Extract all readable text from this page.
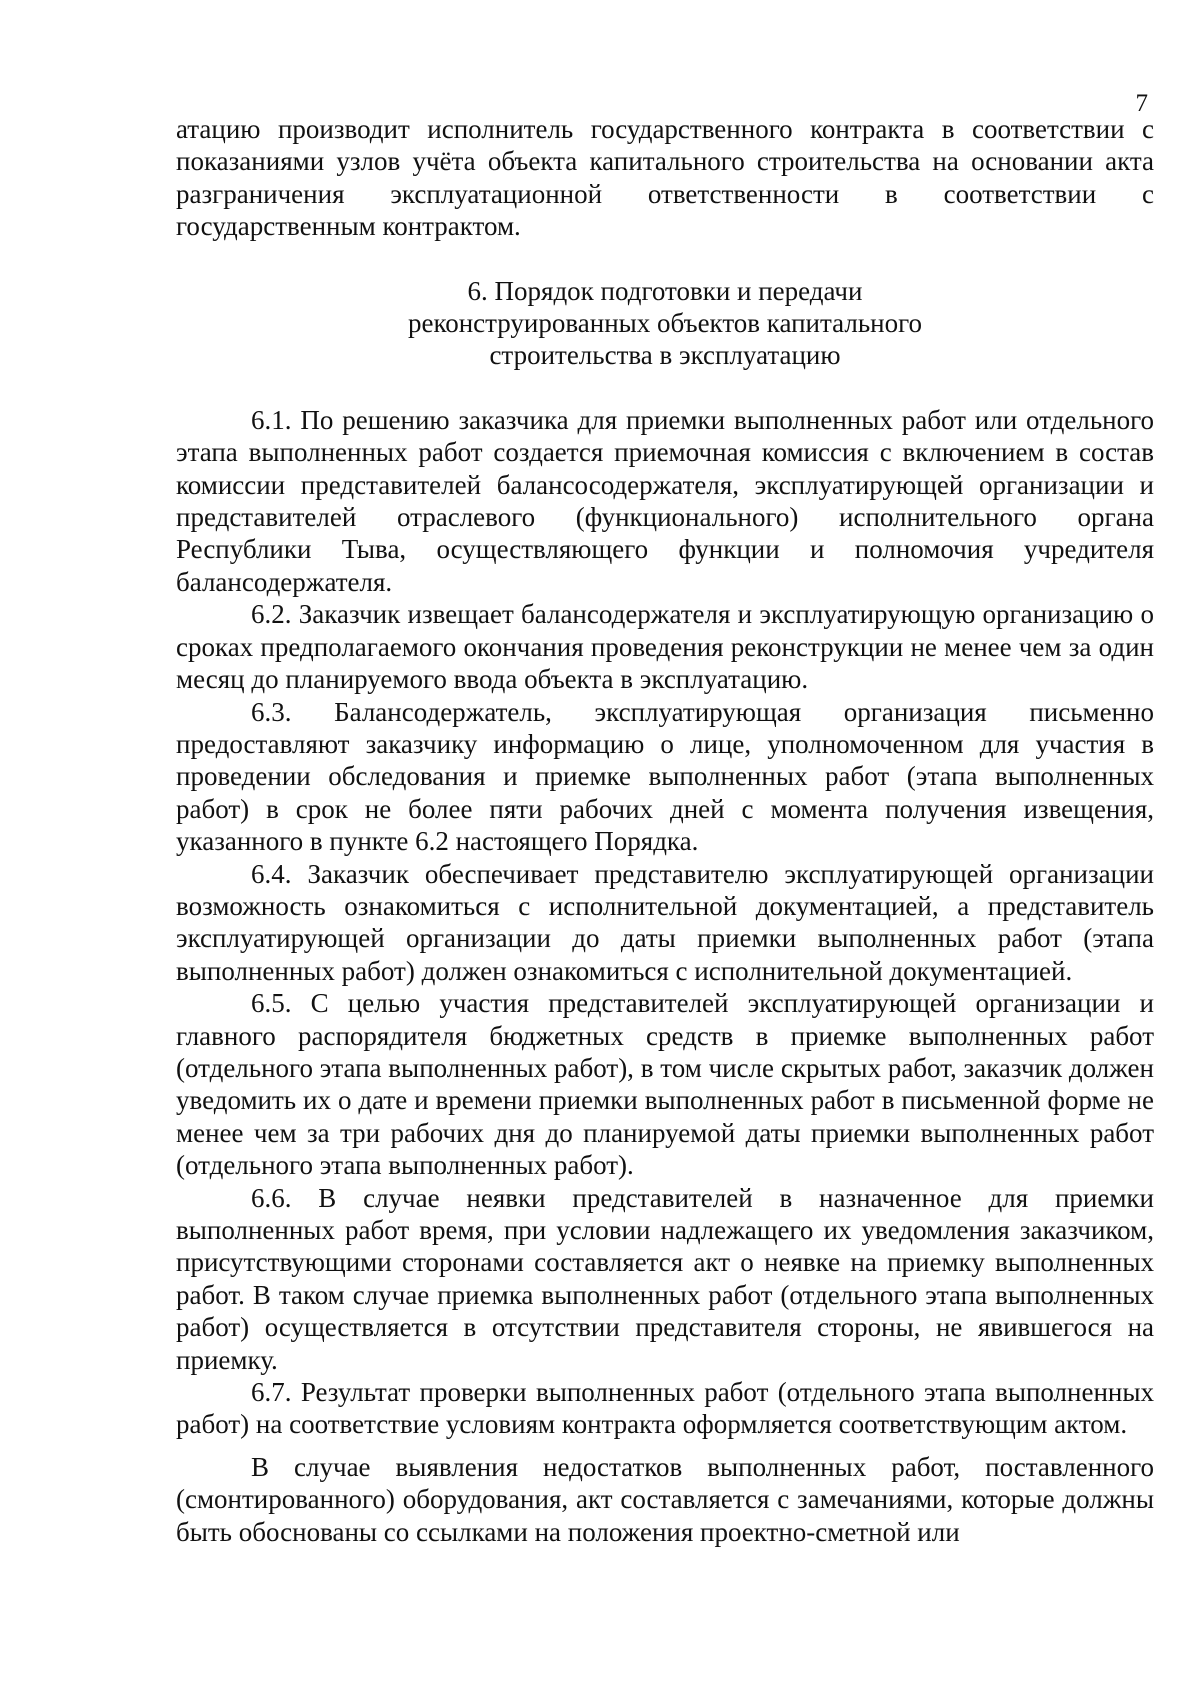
7

атацию производит исполнитель государственного контракта в соответствии с показаниями узлов учёта объекта капитального строительства на основании акта разграничения эксплуатационной ответственности в соответствии с государственным контрактом.

6. Порядок подготовки и передачи
реконструированных объектов капитального
строительства в эксплуатацию

6.1. По решению заказчика для приемки выполненных работ или отдельного этапа выполненных работ создается приемочная комиссия с включением в состав комиссии представителей балансосодержателя, эксплуатирующей организации и представителей отраслевого (функционального) исполнительного органа Республики Тыва, осуществляющего функции и полномочия учредителя балансодержателя.

6.2. Заказчик извещает балансодержателя и эксплуатирующую организацию о сроках предполагаемого окончания проведения реконструкции не менее чем за один месяц до планируемого ввода объекта в эксплуатацию.

6.3. Балансодержатель, эксплуатирующая организация письменно предоставляют заказчику информацию о лице, уполномоченном для участия в проведении обследования и приемке выполненных работ (этапа выполненных работ) в срок не более пяти рабочих дней с момента получения извещения, указанного в пункте 6.2 настоящего Порядка.

6.4. Заказчик обеспечивает представителю эксплуатирующей организации возможность ознакомиться с исполнительной документацией, а представитель эксплуатирующей организации до даты приемки выполненных работ (этапа выполненных работ) должен ознакомиться с исполнительной документацией.

6.5. С целью участия представителей эксплуатирующей организации и главного распорядителя бюджетных средств в приемке выполненных работ (отдельного этапа выполненных работ), в том числе скрытых работ, заказчик должен уведомить их о дате и времени приемки выполненных работ в письменной форме не менее чем за три рабочих дня до планируемой даты приемки выполненных работ (отдельного этапа выполненных работ).

6.6. В случае неявки представителей в назначенное для приемки выполненных работ время, при условии надлежащего их уведомления заказчиком, присутствующими сторонами составляется акт о неявке на приемку выполненных работ. В таком случае приемка выполненных работ (отдельного этапа выполненных работ) осуществляется в отсутствии представителя стороны, не явившегося на приемку.

6.7. Результат проверки выполненных работ (отдельного этапа выполненных работ) на соответствие условиям контракта оформляется соответствующим актом.

В случае выявления недостатков выполненных работ, поставленного (смонтированного) оборудования, акт составляется с замечаниями, которые должны быть обоснованы со ссылками на положения проектно-сметной или
